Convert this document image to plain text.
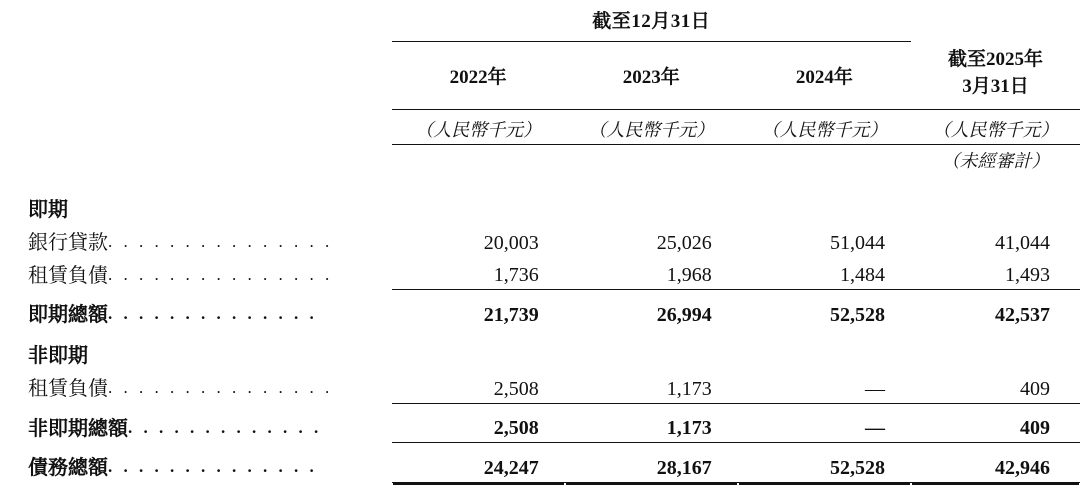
	截至12月31日			
	2022年	2023年	2024年	截至2025年
3月31日

	（人民幣千元）	（人民幣千元）	（人民幣千元）	（人民幣千元）
				（未經審計）

即期				
銀行貸款. . . . . . . . . . . . . . .	20,003	25,026	51,044	41,044
租賃負債. . . . . . . . . . . . . . .	1,736	1,968	1,484	1,493

即期總額. . . . . . . . . . . . . .	21,739	26,994	52,528	42,537

非即期				
租賃負債. . . . . . . . . . . . . . .	2,508	1,173	—	409

非即期總額. . . . . . . . . . . . .	2,508	1,173	—	409

債務總額. . . . . . . . . . . . . .	24,247	28,167	52,528	42,946
